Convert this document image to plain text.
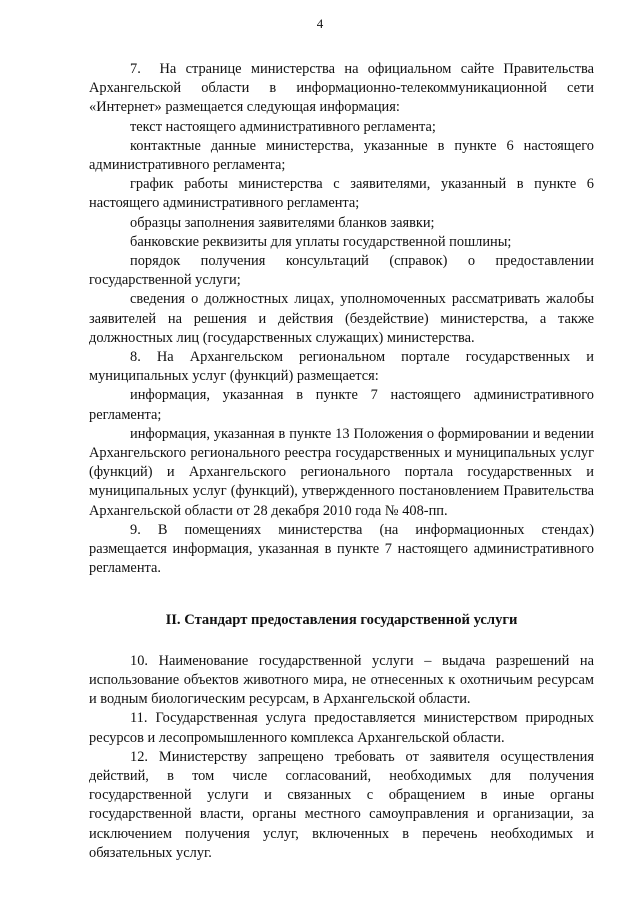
4

7.  На странице министерства на официальном сайте Правительства Архангельской области в информационно-телекоммуникационной сети «Интернет» размещается следующая информация:

текст настоящего административного регламента;

контактные данные министерства, указанные в пункте 6 настоящего административного регламента;

график работы министерства с заявителями, указанный в пункте 6 настоящего административного регламента;

образцы заполнения заявителями бланков заявки;

банковские реквизиты для уплаты государственной пошлины;

порядок получения консультаций (справок) о предоставлении государственной услуги;

сведения о должностных лицах, уполномоченных рассматривать жалобы заявителей на решения и действия (бездействие) министерства, а также должностных лиц (государственных служащих) министерства.

8. На Архангельском региональном портале государственных и муниципальных услуг (функций) размещается:

информация, указанная в пункте 7 настоящего административного регламента;

информация, указанная в пункте 13 Положения о формировании и ведении Архангельского регионального реестра государственных и муниципальных услуг (функций) и Архангельского регионального портала государственных и муниципальных услуг (функций), утвержденного постановлением Правительства Архангельской области от 28 декабря 2010 года № 408-пп.

9. В помещениях министерства (на информационных стендах) размещается информация, указанная в пункте 7 настоящего административного регламента.

II. Стандарт предоставления государственной услуги

10. Наименование государственной услуги – выдача разрешений на использование объектов животного мира, не отнесенных к охотничьим ресурсам и водным биологическим ресурсам, в Архангельской области.

11. Государственная услуга предоставляется министерством природных ресурсов и лесопромышленного комплекса Архангельской области.

12. Министерству запрещено требовать от заявителя осуществления действий, в том числе согласований, необходимых для получения государственной услуги и связанных с обращением в иные органы государственной власти, органы местного самоуправления и организации, за исключением получения услуг, включенных в перечень необходимых и обязательных услуг.
